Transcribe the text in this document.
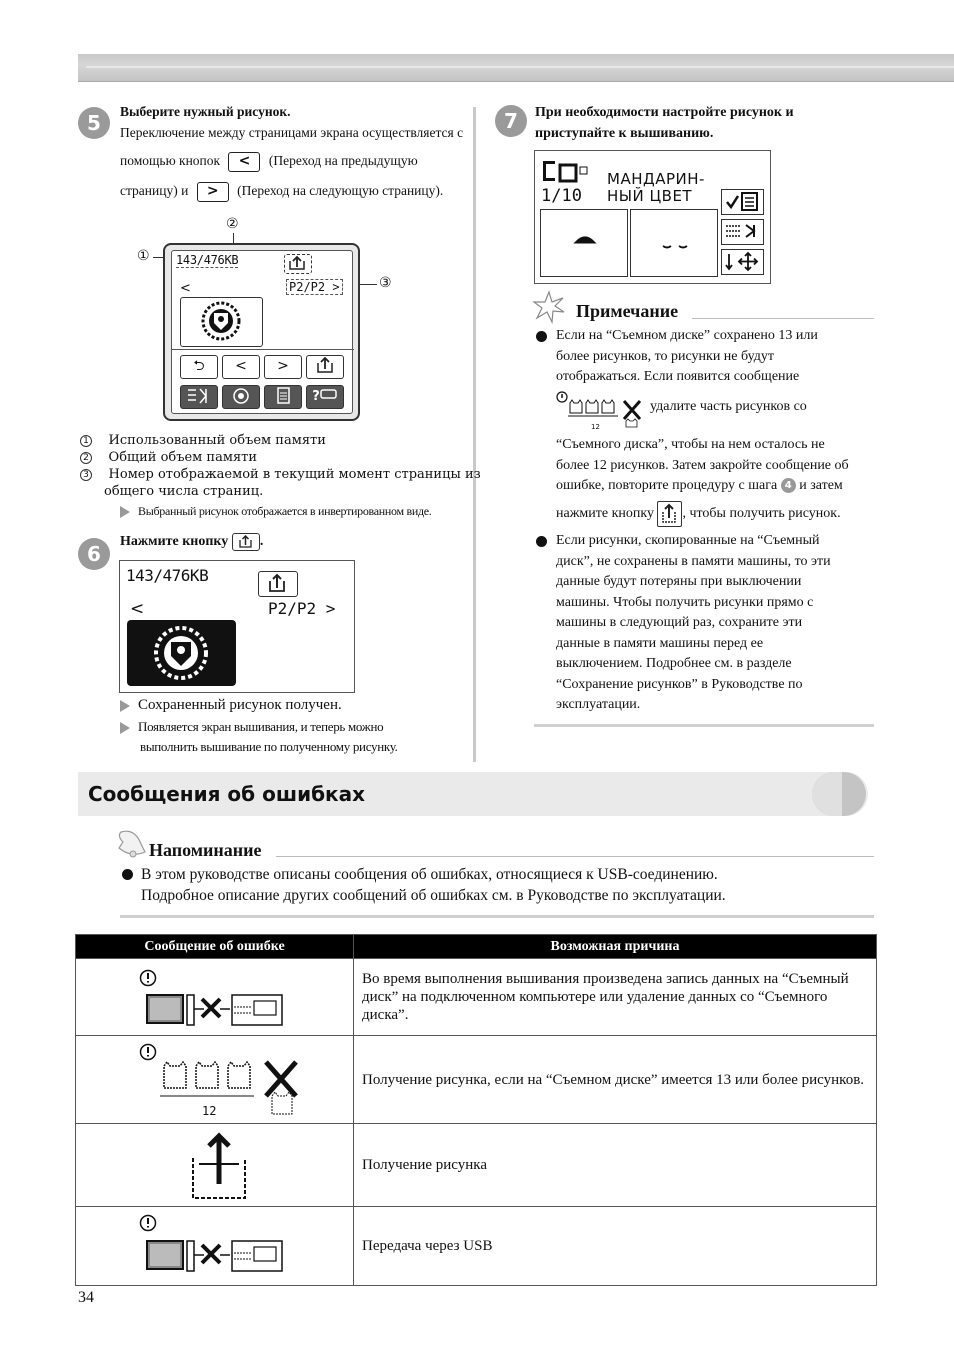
5	Выберите нужный рисунок.
Переключение между страницами экрана осуществляется с
помощью кнопок < (Переход на предыдущую
страницу) и > (Переход на следующую страницу).
②
①
③
143/476KB
<	P2/P2 >
⮌	<	>
?
1 Использованный объем памяти
2 Общий объем памяти
3 Номер отображаемой в текущий момент страницы из
общего числа страниц.
Выбранный рисунок отображается в инвертированном виде.
6
Нажмите кнопку .
143/476KB
<	P2/P2 >
Сохраненный рисунок получен.
Появляется экран вышивания, и теперь можно
выполнить вышивание по полученному рисунку.
7	При необходимости настройте рисунок и
приступайте к вышиванию.
1/10
МАНДАРИН-
НЫЙ ЦВЕТ
Примечание
Если на “Съемном диске” сохранено 13 или
более рисунков, то рисунки не будут
отображаться. Если появится сообщение
12
удалите часть рисунков со
“Съемного диска”, чтобы на нем осталось не
более 12 рисунков. Затем закройте сообщение об
ошибке, повторите процедуру с шага 4 и затем
нажмите кнопку , чтобы получить рисунок.
Если рисунки, скопированные на “Съемный
диск”, не сохранены в памяти машины, то эти
данные будут потеряны при выключении
машины. Чтобы получить рисунки прямо с
машины в следующий раз, сохраните эти
данные в памяти машины перед ее
выключением. Подробнее см. в разделе
“Сохранение рисунков” в Руководстве по
эксплуатации.
Сообщения об ошибках
Напоминание
В этом руководстве описаны сообщения об ошибках, относящиеся к USB-соединению.
Подробное описание других сообщений об ошибках см. в Руководстве по эксплуатации.
Сообщение об ошибке	Возможная причина

	Во время выполнения вышивания произведена запись данных на “Съемный диск” на подключенном компьютере или удаление данных со “Съемного диска”.

12	Получение рисунка, если на “Съемном диске” имеется 13 или более рисунков.

	Получение рисунка

	Передача через USB
34
